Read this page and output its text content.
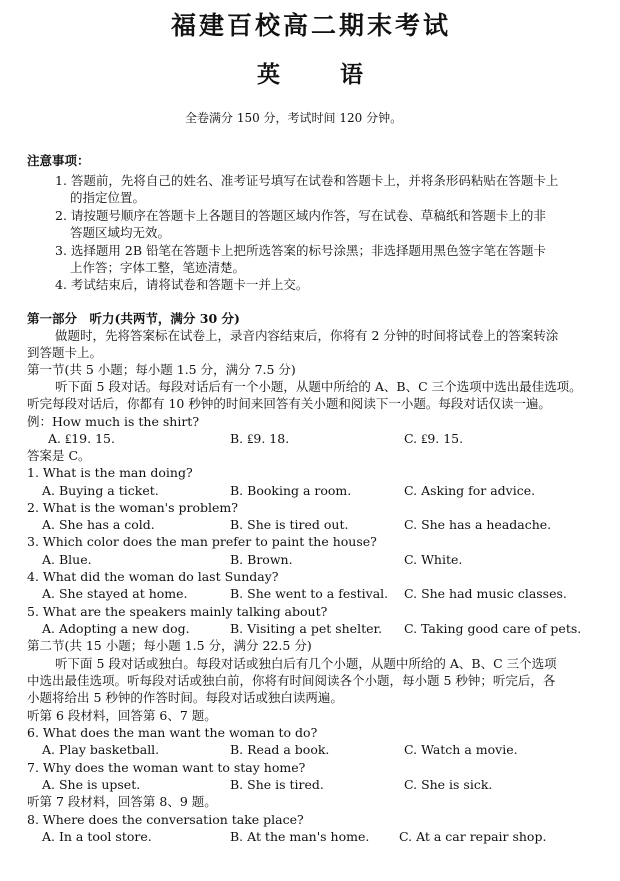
福建百校高二期末考试
英	语
全卷满分 150 分，考试时间 120 分钟。
注意事项：
1. 答题前，先将自己的姓名、准考证号填写在试卷和答题卡上，并将条形码粘贴在答题卡上
的指定位置。
2. 请按题号顺序在答题卡上各题目的答题区域内作答，写在试卷、草稿纸和答题卡上的非
答题区域均无效。
3. 选择题用 2B 铅笔在答题卡上把所选答案的标号涂黑；非选择题用黑色签字笔在答题卡
上作答；字体工整，笔迹清楚。
4. 考试结束后，请将试卷和答题卡一并上交。
第一部分　听力(共两节，满分 30 分)
做题时，先将答案标在试卷上，录音内容结束后，你将有 2 分钟的时间将试卷上的答案转涂
到答题卡上。
第一节(共 5 小题；每小题 1.5 分，满分 7.5 分)
听下面 5 段对话。每段对话后有一个小题，从题中所给的 A、B、C 三个选项中选出最佳选项。
听完每段对话后，你都有 10 秒钟的时间来回答有关小题和阅读下一小题。每段对话仅读一遍。
例：How much is the shirt?
A. ₤19. 15.	B. ₤9. 18.	C. ₤9. 15.
答案是 C。
1. What is the man doing?
A. Buying a ticket.	B. Booking a room.	C. Asking for advice.
2. What is the woman's problem?
A. She has a cold.	B. She is tired out.	C. She has a headache.
3. Which color does the man prefer to paint the house?
A. Blue.	B. Brown.	C. White.
4. What did the woman do last Sunday?
A. She stayed at home.	B. She went to a festival. C. She had music classes.
5. What are the speakers mainly talking about?
A. Adopting a new dog.	B. Visiting a pet shelter. C. Taking good care of pets.
第二节(共 15 小题；每小题 1.5 分，满分 22.5 分)
听下面 5 段对话或独白。每段对话或独白后有几个小题，从题中所给的 A、B、C 三个选项
中选出最佳选项。听每段对话或独白前，你将有时间阅读各个小题，每小题 5 秒钟；听完后，各
小题将给出 5 秒钟的作答时间。每段对话或独白读两遍。
听第 6 段材料，回答第 6、7 题。
6. What does the man want the woman to do?
A. Play basketball.	B. Read a book.	C. Watch a movie.
7. Why does the woman want to stay home?
A. She is upset.	B. She is tired.	C. She is sick.
听第 7 段材料，回答第 8、9 题。
8. Where does the conversation take place?
A. In a tool store.	B. At the man's home. C. At a car repair shop.
